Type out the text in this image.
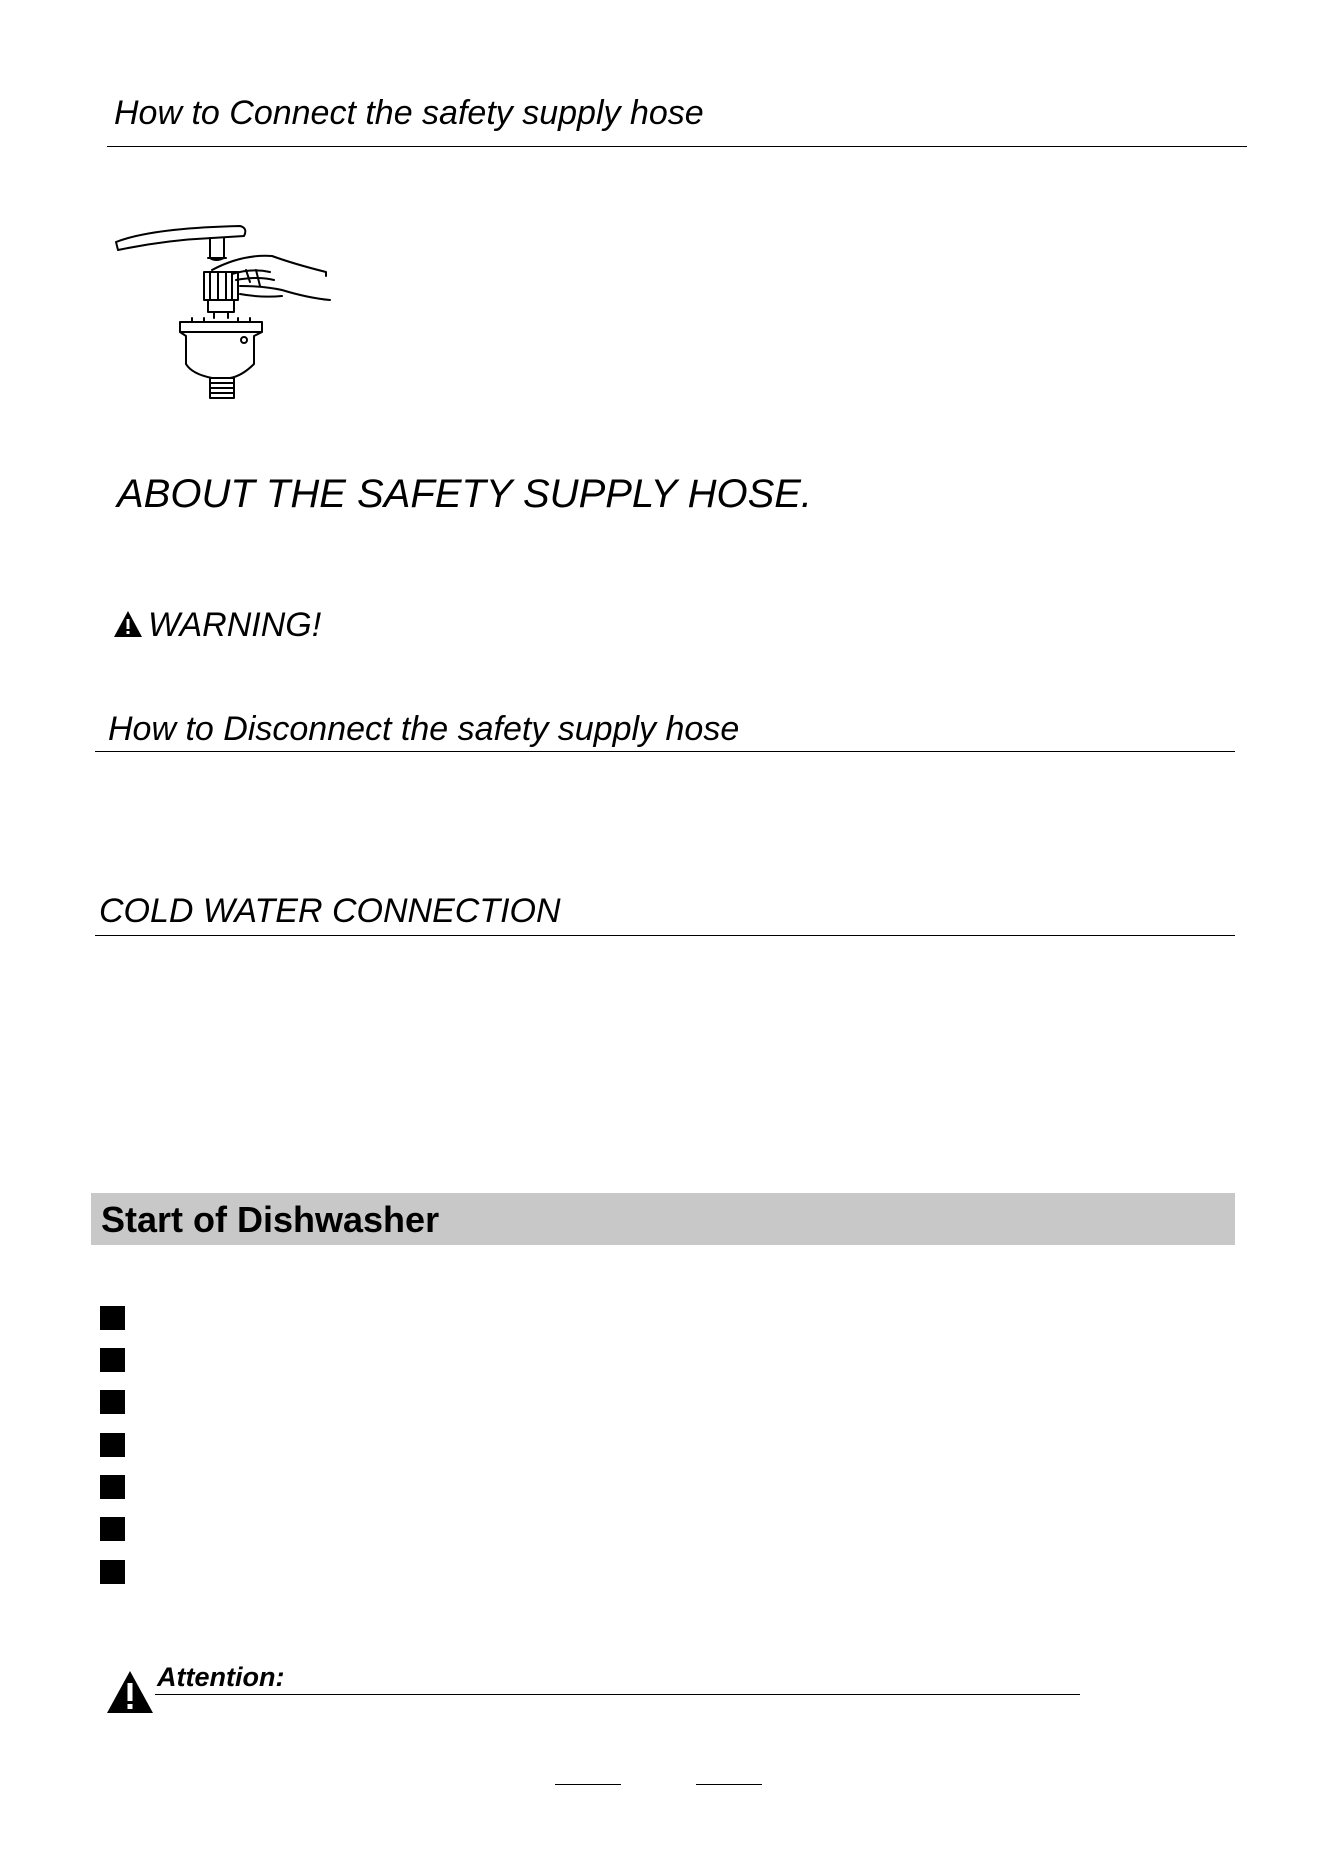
How to Connect the safety supply hose
ABOUT THE SAFETY SUPPLY HOSE.
WARNING!
How to Disconnect the safety supply hose
COLD WATER CONNECTION
Start of Dishwasher
Attention:
